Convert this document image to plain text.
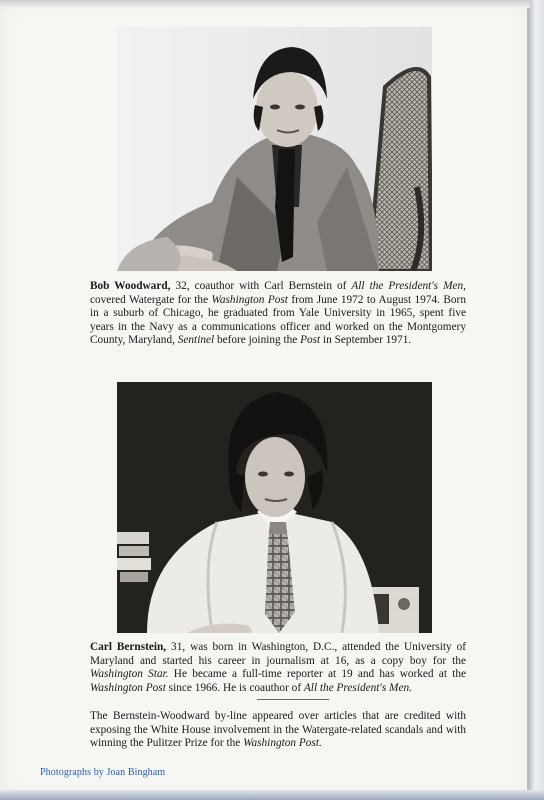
Bob Woodward, 32, coauthor with Carl Bernstein of All the President's Men, covered Watergate for the Washington Post from June 1972 to August 1974. Born in a suburb of Chicago, he graduated from Yale University in 1965, spent five years in the Navy as a communications officer and worked on the Montgomery County, Maryland, Sentinel before joining the Post in September 1971.
Carl Bernstein, 31, was born in Washington, D.C., attended the University of Maryland and started his career in journalism at 16, as a copy boy for the Washington Star. He became a full-time reporter at 19 and has worked at the Washington Post since 1966. He is coauthor of All the President's Men.
The Bernstein-Woodward by-line appeared over articles that are credited with exposing the White House involvement in the Watergate-related scandals and with winning the Pulitzer Prize for the Washington Post.
Photographs by Joan Bingham
